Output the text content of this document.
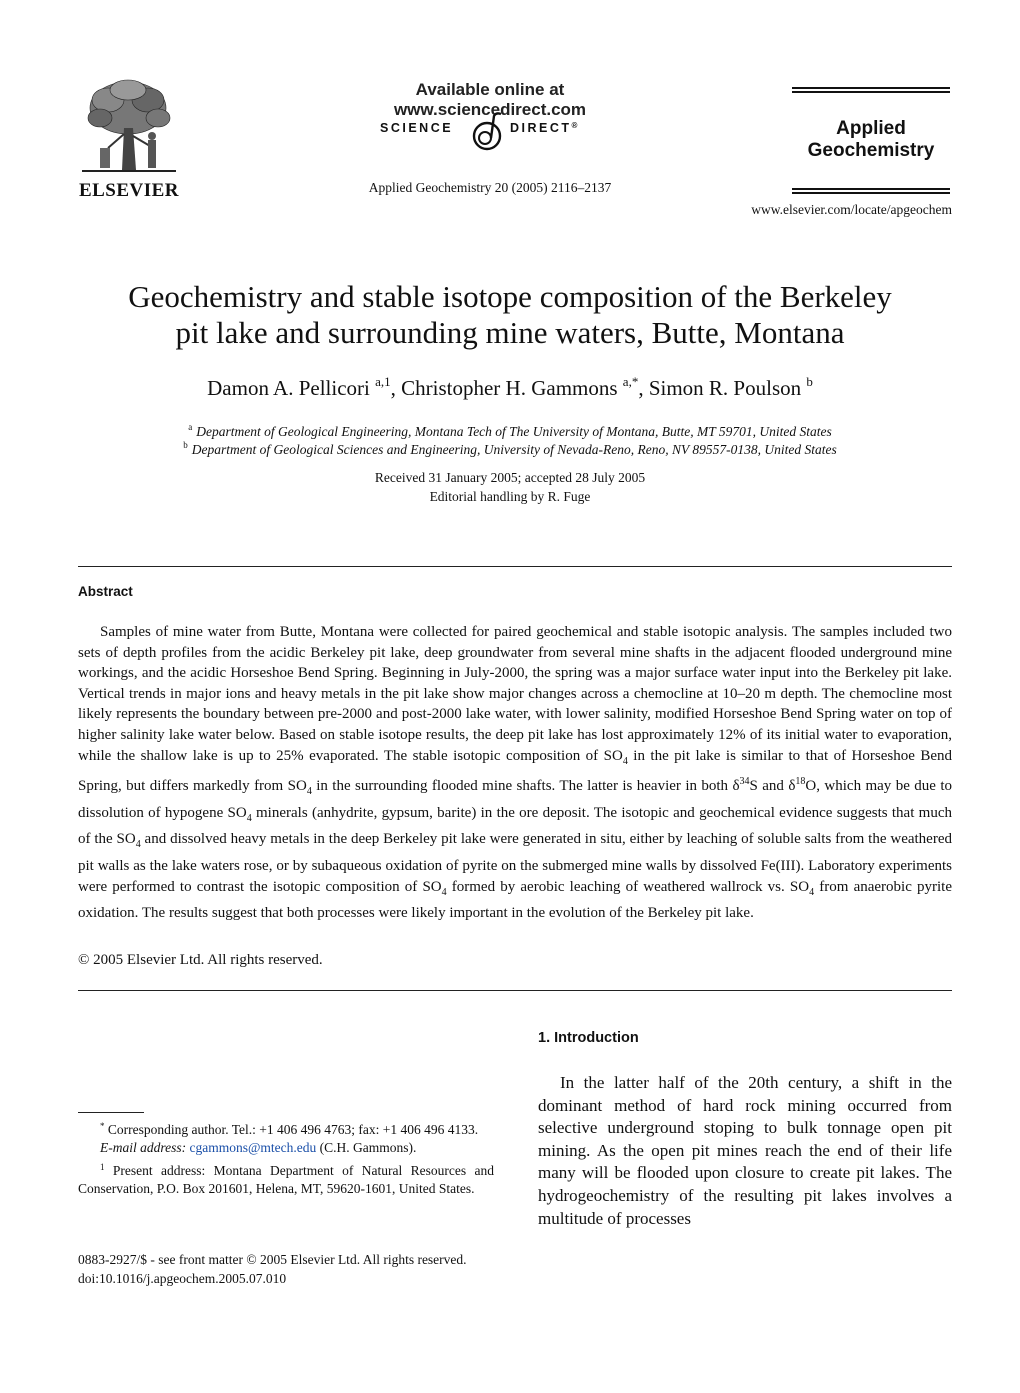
ELSEVIER
Available online at www.sciencedirect.com
SCIENCE	DIRECT®
Applied Geochemistry 20 (2005) 2116–2137
Applied
Geochemistry
www.elsevier.com/locate/apgeochem
Geochemistry and stable isotope composition of the Berkeley
pit lake and surrounding mine waters, Butte, Montana
Damon A. Pellicori $^{a,1}$, Christopher H. Gammons $^{a,*}$, Simon R. Poulson $^b$
$^a$ Department of Geological Engineering, Montana Tech of The University of Montana, Butte, MT 59701, United States
$^b$ Department of Geological Sciences and Engineering, University of Nevada-Reno, Reno, NV 89557-0138, United States
Received 31 January 2005; accepted 28 July 2005
Editorial handling by R. Fuge
Abstract

Samples of mine water from Butte, Montana were collected for paired geochemical and stable isotopic analysis. The samples included two sets of depth profiles from the acidic Berkeley pit lake, deep groundwater from several mine shafts in the adjacent flooded underground mine workings, and the acidic Horseshoe Bend Spring. Beginning in July-2000, the spring was a major surface water input into the Berkeley pit lake. Vertical trends in major ions and heavy metals in the pit lake show major changes across a chemocline at 10–20 m depth. The chemocline most likely represents the boundary between pre-2000 and post-2000 lake water, with lower salinity, modified Horseshoe Bend Spring water on top of higher salinity lake water below. Based on stable isotope results, the deep pit lake has lost approximately 12% of its initial water to evaporation, while the shallow lake is up to 25% evaporated. The stable isotopic composition of $SO_4$ in the pit lake is similar to that of Horseshoe Bend Spring, but differs markedly from $SO_4$ in the surrounding flooded mine shafts. The latter is heavier in both $\delta^{34}S$ and $\delta^{18}O$, which may be due to dissolution of hypogene $SO_4$ minerals (anhydrite, gypsum, barite) in the ore deposit. The isotopic and geochemical evidence suggests that much of the $SO_4$ and dissolved heavy metals in the deep Berkeley pit lake were generated in situ, either by leaching of soluble salts from the weathered pit walls as the lake waters rose, or by subaqueous oxidation of pyrite on the submerged mine walls by dissolved Fe(III). Laboratory experiments were performed to contrast the isotopic composition of $SO_4$ formed by aerobic leaching of weathered wallrock vs. $SO_4$ from anaerobic pyrite oxidation. The results suggest that both processes were likely important in the evolution of the Berkeley pit lake.

© 2005 Elsevier Ltd. All rights reserved.
1. Introduction

In the latter half of the 20th century, a shift in the dominant method of hard rock mining occurred from selective underground stoping to bulk tonnage open pit mining. As the open pit mines reach the end of their life many will be flooded upon closure to create pit lakes. The hydrogeochemistry of the resulting pit lakes involves a multitude of processes

* Corresponding author. Tel.: +1 406 496 4763; fax: +1 406 496 4133.

E-mail address: cgammons@mtech.edu (C.H. Gammons).

$^1$ Present address: Montana Department of Natural Resources and Conservation, P.O. Box 201601, Helena, MT, 59620-1601, United States.

0883-2927/$ - see front matter © 2005 Elsevier Ltd. All rights reserved.
doi:10.1016/j.apgeochem.2005.07.010
